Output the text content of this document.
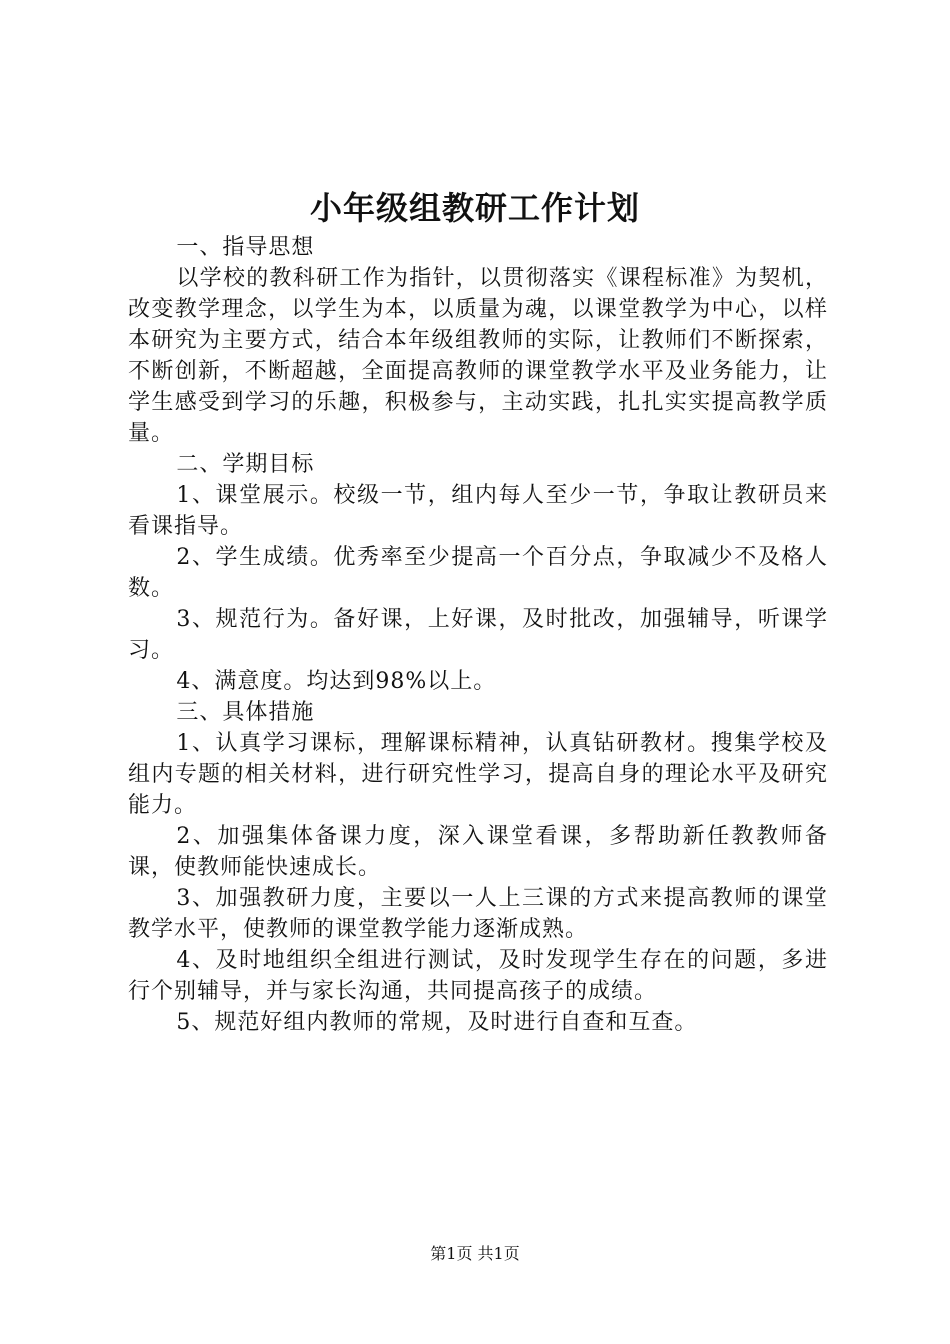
小年级组教研工作计划

一、指导思想

以学校的教科研工作为指针，以贯彻落实《课程标准》为契机，改变教学理念，以学生为本，以质量为魂，以课堂教学为中心，以样本研究为主要方式，结合本年级组教师的实际，让教师们不断探索，不断创新，不断超越，全面提高教师的课堂教学水平及业务能力，让学生感受到学习的乐趣，积极参与，主动实践，扎扎实实提高教学质量。

二、学期目标

1、课堂展示。校级一节，组内每人至少一节，争取让教研员来看课指导。

2、学生成绩。优秀率至少提高一个百分点，争取减少不及格人数。

3、规范行为。备好课，上好课，及时批改，加强辅导，听课学习。

4、满意度。均达到98%以上。

三、具体措施

1、认真学习课标，理解课标精神，认真钻研教材。搜集学校及组内专题的相关材料，进行研究性学习，提高自身的理论水平及研究能力。

2、加强集体备课力度，深入课堂看课，多帮助新任教教师备课，使教师能快速成长。

3、加强教研力度，主要以一人上三课的方式来提高教师的课堂教学水平，使教师的课堂教学能力逐渐成熟。

4、及时地组织全组进行测试，及时发现学生存在的问题，多进行个别辅导，并与家长沟通，共同提高孩子的成绩。

5、规范好组内教师的常规，及时进行自查和互查。

第1页 共1页
